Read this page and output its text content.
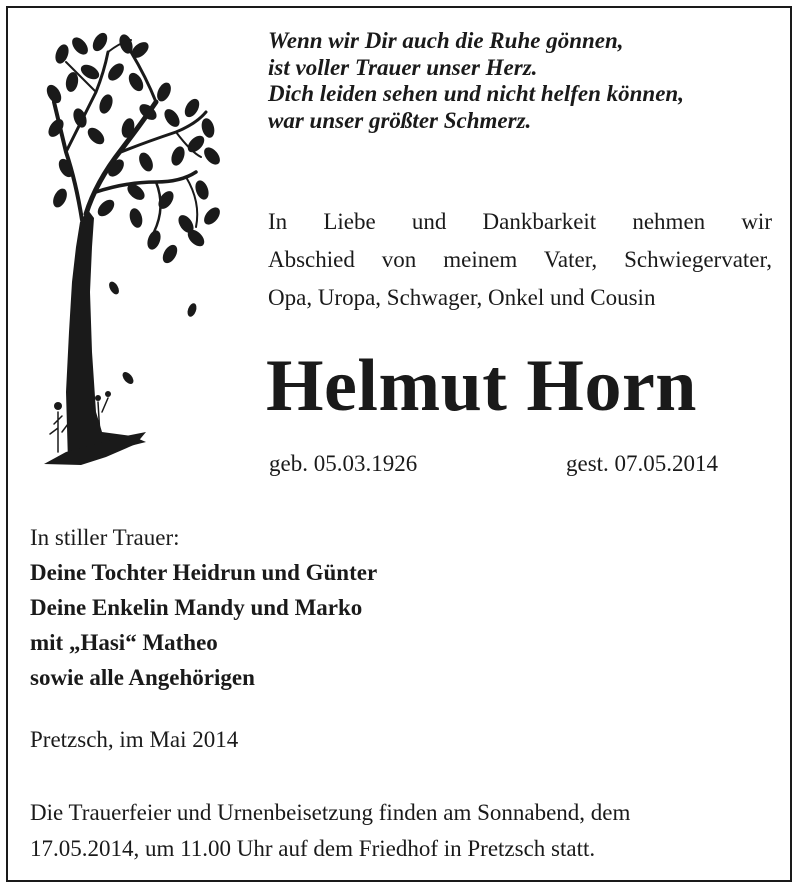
Wenn wir Dir auch die Ruhe gönnen,
ist voller Trauer unser Herz.
Dich leiden sehen und nicht helfen können,
war unser größter Schmerz.
In Liebe und Dankbarkeit nehmen wir
Abschied von meinem Vater, Schwiegervater,
Opa, Uropa, Schwager, Onkel und Cousin
Helmut Horn
geb. 05.03.1926	gest. 07.05.2014
In stiller Trauer:
Deine Tochter Heidrun und Günter
Deine Enkelin Mandy und Marko
mit „Hasi“ Matheo
sowie alle Angehörigen
Pretzsch, im Mai 2014
Die Trauerfeier und Urnenbeisetzung finden am Sonnabend, dem
17.05.2014, um 11.00 Uhr auf dem Friedhof in Pretzsch statt.
